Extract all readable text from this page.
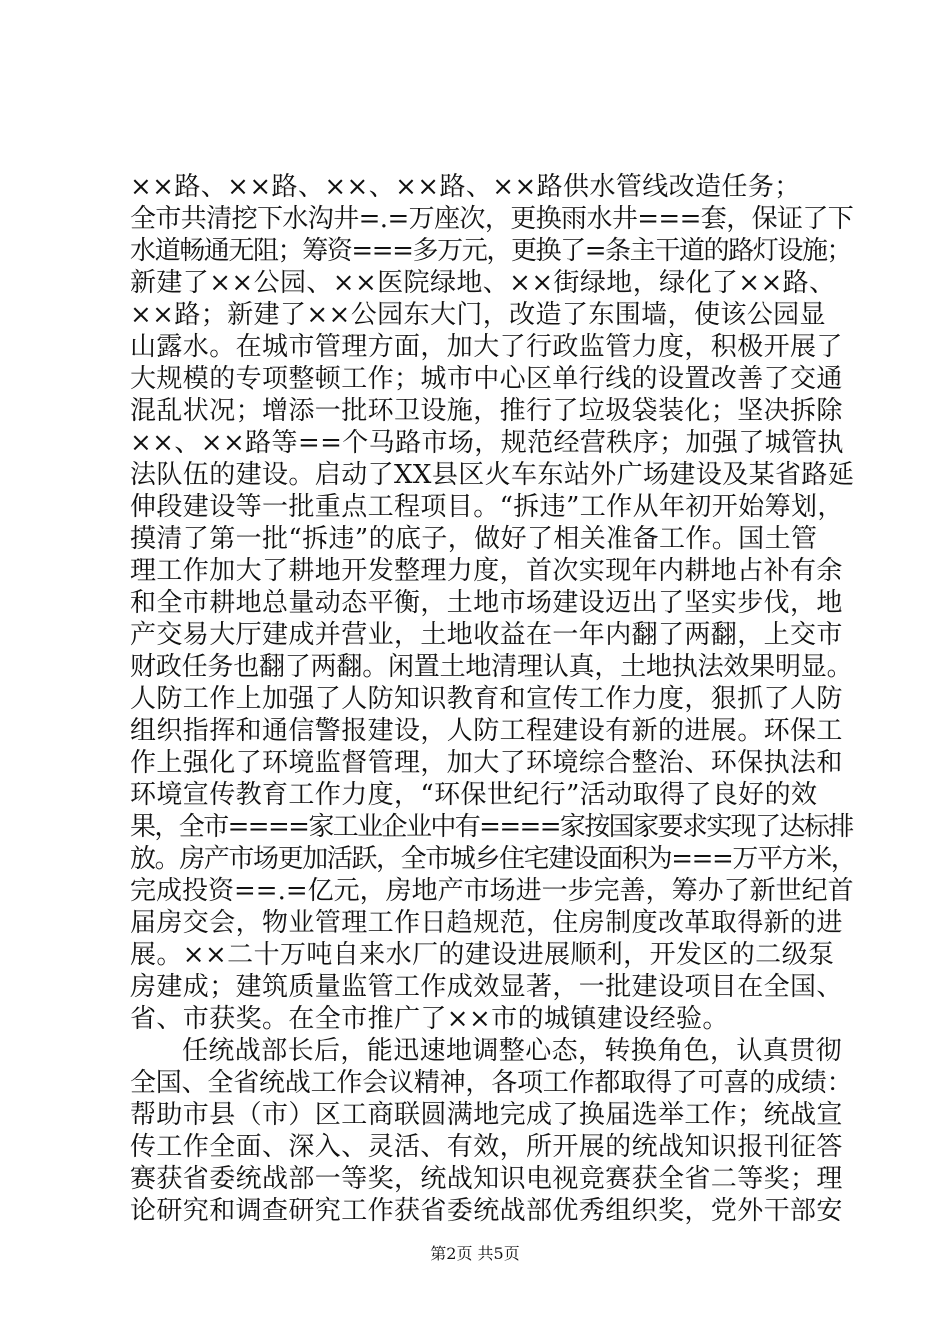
××路、××路、××、××路、××路供水管线改造任务；
全市共清挖下水沟井=.=万座次，更换雨水井===套，保证了下
水道畅通无阻；筹资===多万元，更换了=条主干道的路灯设施；
新建了××公园、××医院绿地、××街绿地，绿化了××路、
××路；新建了××公园东大门，改造了东围墙，使该公园显
山露水。在城市管理方面，加大了行政监管力度，积极开展了
大规模的专项整顿工作；城市中心区单行线的设置改善了交通
混乱状况；增添一批环卫设施，推行了垃圾袋装化；坚决拆除
××、××路等==个马路市场，规范经营秩序；加强了城管执
法队伍的建设。启动了XX县区火车东站外广场建设及某省路延
伸段建设等一批重点工程项目。“拆违”工作从年初开始筹划，
摸清了第一批“拆违”的底子，做好了相关准备工作。国土管
理工作加大了耕地开发整理力度，首次实现年内耕地占补有余
和全市耕地总量动态平衡，土地市场建设迈出了坚实步伐，地
产交易大厅建成并营业，土地收益在一年内翻了两翻，上交市
财政任务也翻了两翻。闲置土地清理认真，土地执法效果明显。
人防工作上加强了人防知识教育和宣传工作力度，狠抓了人防
组织指挥和通信警报建设，人防工程建设有新的进展。环保工
作上强化了环境监督管理，加大了环境综合整治、环保执法和
环境宣传教育工作力度，“环保世纪行”活动取得了良好的效
果，全市====家工业企业中有====家按国家要求实现了达标排
放。房产市场更加活跃，全市城乡住宅建设面积为===万平方米，
完成投资==.=亿元，房地产市场进一步完善，筹办了新世纪首
届房交会，物业管理工作日趋规范，住房制度改革取得新的进
展。××二十万吨自来水厂的建设进展顺利，开发区的二级泵
房建成；建筑质量监管工作成效显著，一批建设项目在全国、
省、市获奖。在全市推广了××市的城镇建设经验。
任统战部长后，能迅速地调整心态，转换角色，认真贯彻
全国、全省统战工作会议精神，各项工作都取得了可喜的成绩：
帮助市县（市）区工商联圆满地完成了换届选举工作；统战宣
传工作全面、深入、灵活、有效，所开展的统战知识报刊征答
赛获省委统战部一等奖，统战知识电视竞赛获全省二等奖；理
论研究和调查研究工作获省委统战部优秀组织奖，党外干部安
第2页 共5页
